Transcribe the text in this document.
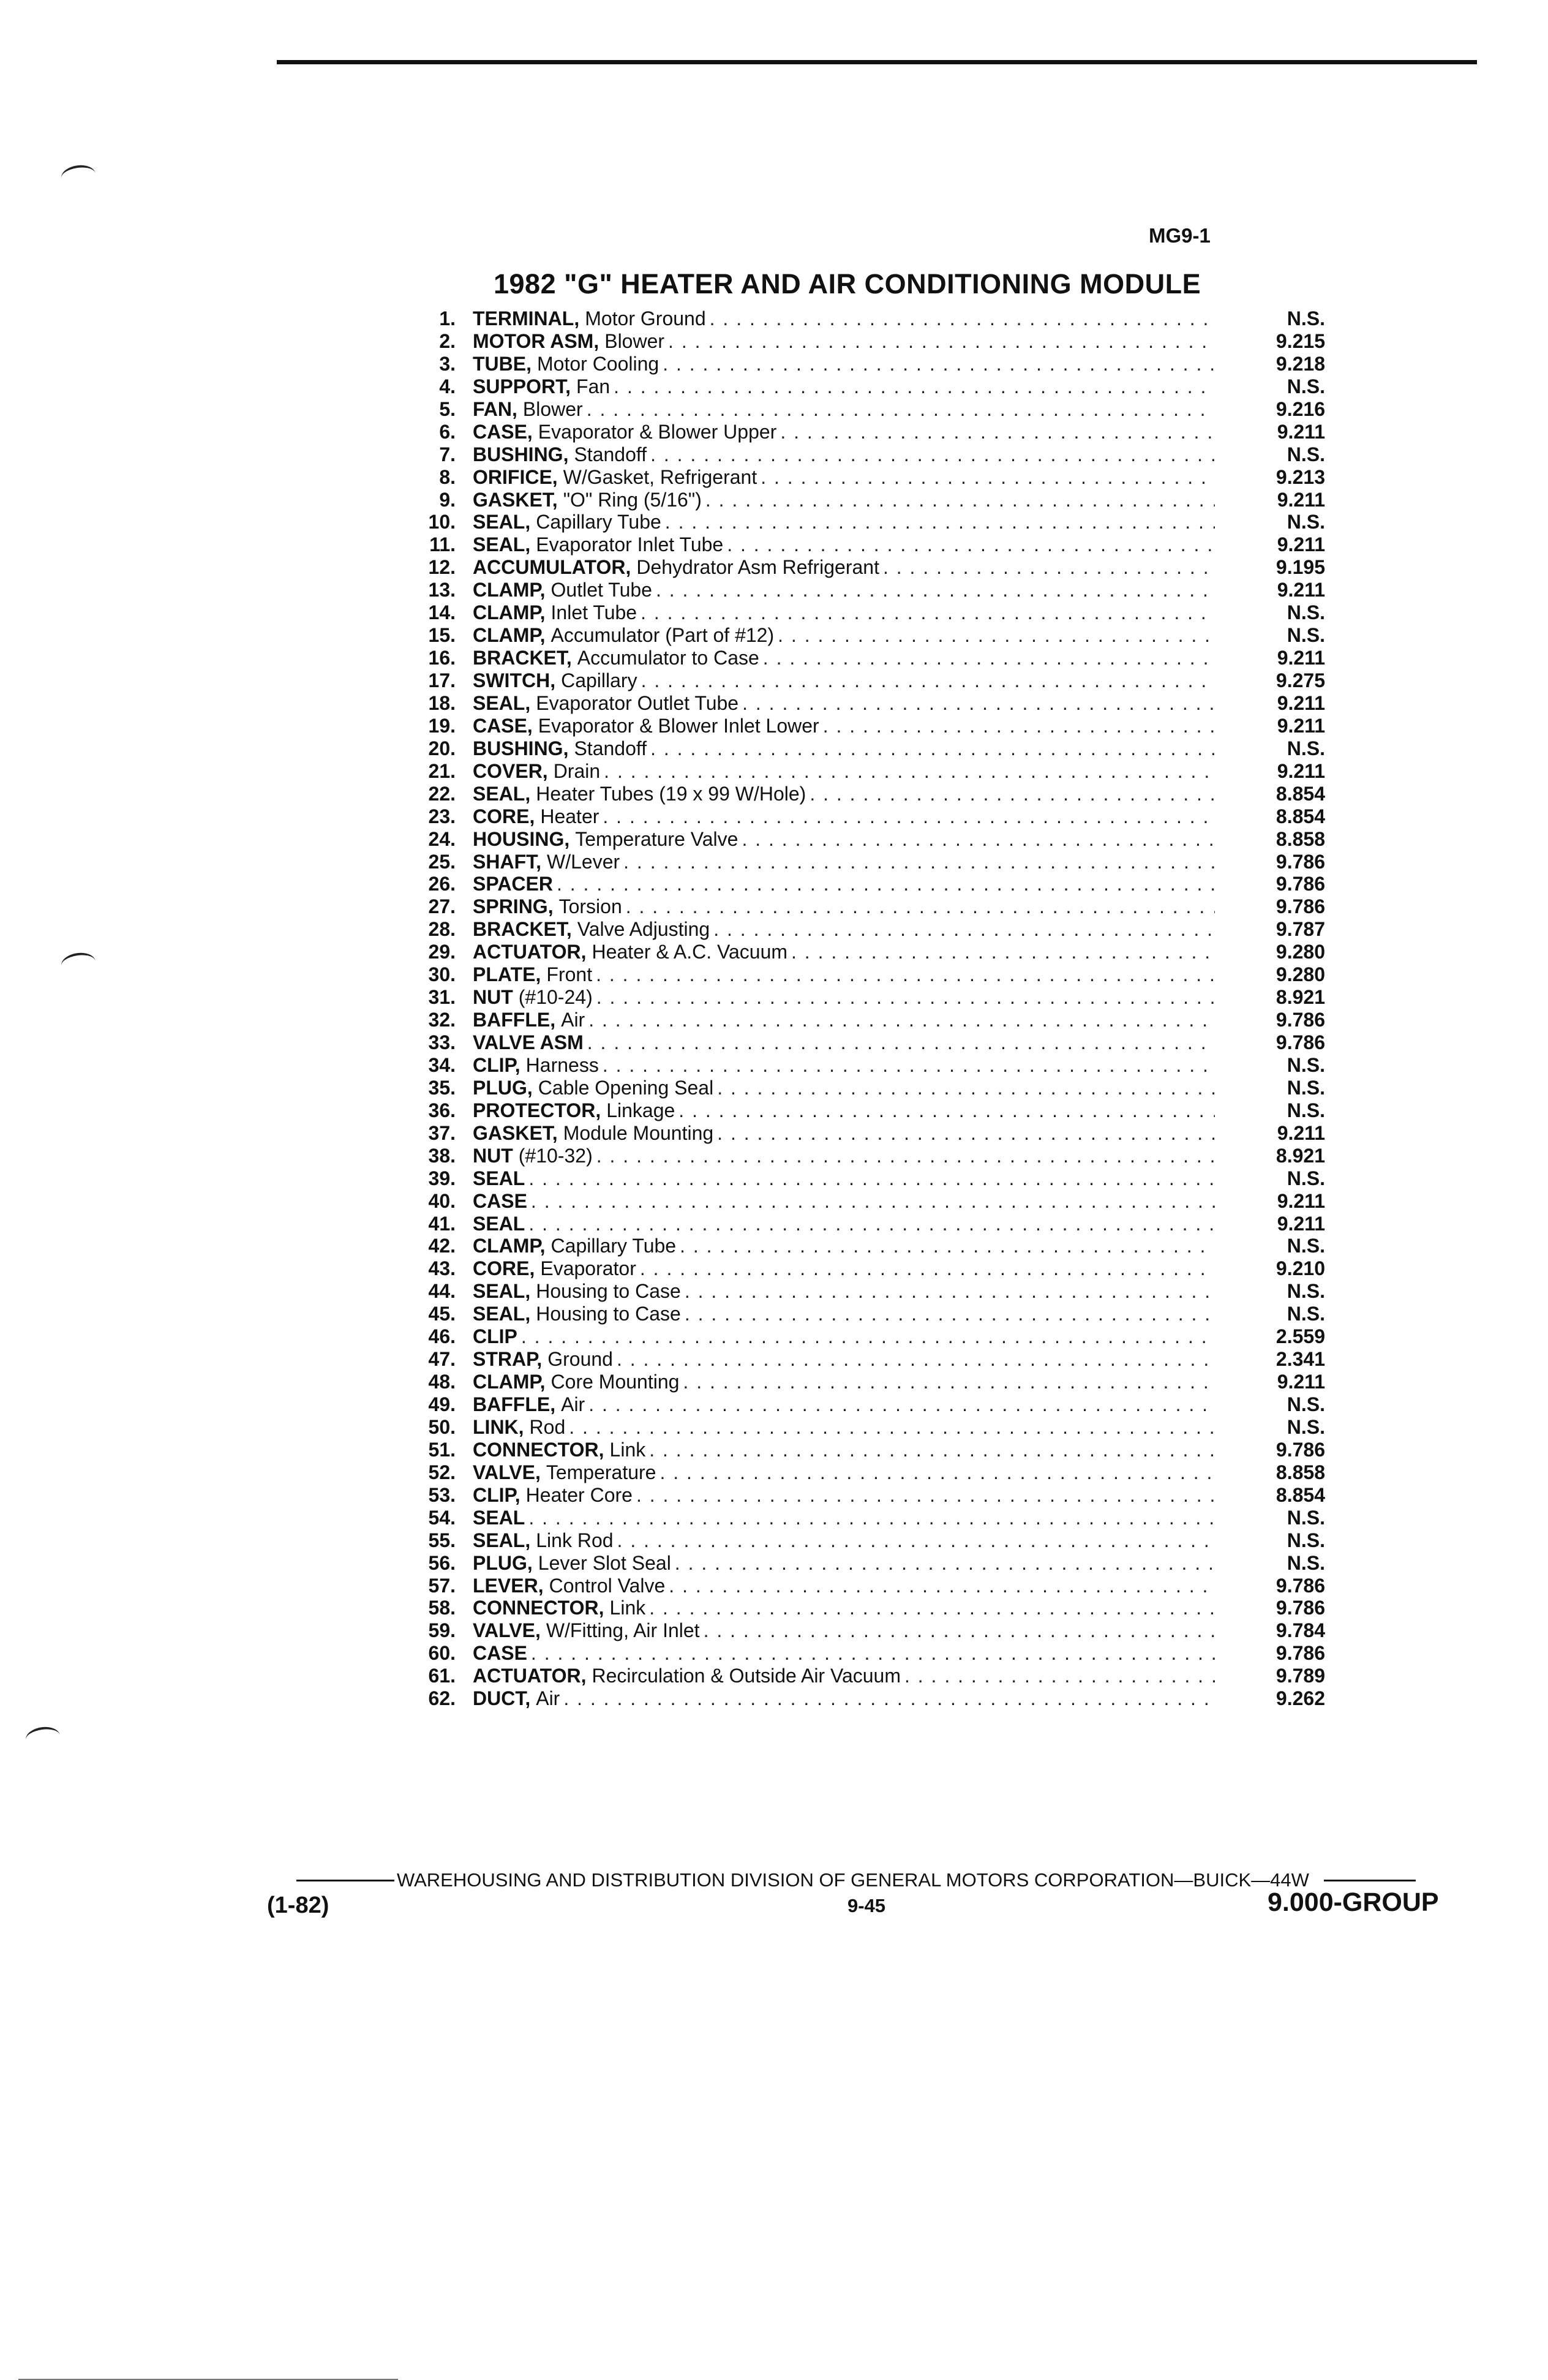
MG9-1
1982 "G" HEATER AND AIR CONDITIONING MODULE
1. TERMINAL, Motor Ground . . .	N.S.
2. MOTOR ASM, Blower . . .	9.215
3. TUBE, Motor Cooling . . .	9.218
4. SUPPORT, Fan . . .	N.S.
5. FAN, Blower . . .	9.216
6. CASE, Evaporator & Blower Upper . . .	9.211
7. BUSHING, Standoff . . .	N.S.
8. ORIFICE, W/Gasket, Refrigerant . . .	9.213
9. GASKET, "O" Ring (5/16") . . .	9.211
10. SEAL, Capillary Tube . . .	N.S.
11. SEAL, Evaporator Inlet Tube . . .	9.211
12. ACCUMULATOR, Dehydrator Asm Refrigerant . . .	9.195
13. CLAMP, Outlet Tube . . .	9.211
14. CLAMP, Inlet Tube . . .	N.S.
15. CLAMP, Accumulator (Part of #12) . . .	N.S.
16. BRACKET, Accumulator to Case . . .	9.211
17. SWITCH, Capillary . . .	9.275
18. SEAL, Evaporator Outlet Tube . . .	9.211
19. CASE, Evaporator & Blower Inlet Lower . . .	9.211
20. BUSHING, Standoff . . .	N.S.
21. COVER, Drain . . .	9.211
22. SEAL, Heater Tubes (19 x 99 W/Hole) . . .	8.854
23. CORE, Heater . . .	8.854
24. HOUSING, Temperature Valve . . .	8.858
25. SHAFT, W/Lever . . .	9.786
26. SPACER . . .	9.786
27. SPRING, Torsion . . .	9.786
28. BRACKET, Valve Adjusting . . .	9.787
29. ACTUATOR, Heater & A.C. Vacuum . . .	9.280
30. PLATE, Front . . .	9.280
31. NUT (#10-24) . . .	8.921
32. BAFFLE, Air . . .	9.786
33. VALVE ASM . . .	9.786
34. CLIP, Harness . . .	N.S.
35. PLUG, Cable Opening Seal . . .	N.S.
36. PROTECTOR, Linkage . . .	N.S.
37. GASKET, Module Mounting . . .	9.211
38. NUT (#10-32) . . .	8.921
39. SEAL . . .	N.S.
40. CASE . . .	9.211
41. SEAL . . .	9.211
42. CLAMP, Capillary Tube . . .	N.S.
43. CORE, Evaporator . . .	9.210
44. SEAL, Housing to Case . . .	N.S.
45. SEAL, Housing to Case . . .	N.S.
46. CLIP . . .	2.559
47. STRAP, Ground . . .	2.341
48. CLAMP, Core Mounting . . .	9.211
49. BAFFLE, Air . . .	N.S.
50. LINK, Rod . . .	N.S.
51. CONNECTOR, Link . . .	9.786
52. VALVE, Temperature . . .	8.858
53. CLIP, Heater Core . . .	8.854
54. SEAL . . .	N.S.
55. SEAL, Link Rod . . .	N.S.
56. PLUG, Lever Slot Seal . . .	N.S.
57. LEVER, Control Valve . . .	9.786
58. CONNECTOR, Link . . .	9.786
59. VALVE, W/Fitting, Air Inlet . . .	9.784
60. CASE . . .	9.786
61. ACTUATOR, Recirculation & Outside Air Vacuum . . .	9.789
62. DUCT, Air . . .	9.262
WAREHOUSING AND DISTRIBUTION DIVISION OF GENERAL MOTORS CORPORATION—BUICK—44W
(1-82)	9-45	9.000-GROUP
